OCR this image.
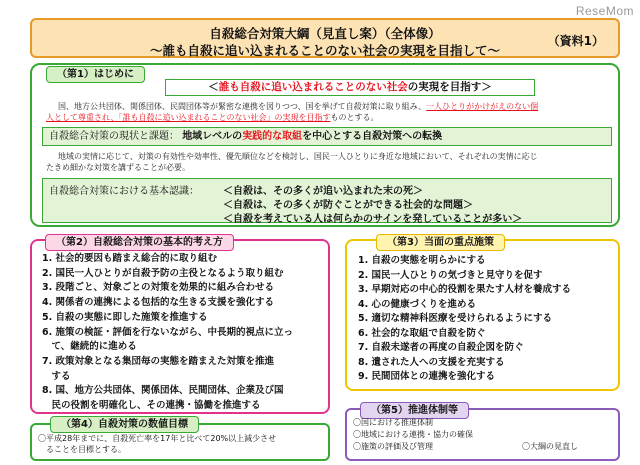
ReseMom
自殺総合対策大綱（見直し案）（全体像）
～誰も自殺に追い込まれることのない社会の実現を目指して～
（資料1）
（第1）はじめに
＜誰も自殺に追い込まれることのない社会の実現を目指す＞
国、地方公共団体、関係団体、民間団体等が緊密な連携を図りつつ、国を挙げて自殺対策に取り組み、一人ひとりがかけがえのない個
人として尊重され、「誰も自殺に追い込まれることのない社会」の実現を目指すものとする。
自殺総合対策の現状と課題： 地域レベルの実践的な取組を中心とする自殺対策への転換
地域の実情に応じて、対策の有効性や効率性、優先順位などを検討し、国民一人ひとりに身近な地域において、それぞれの実情に応じ
たきめ細かな対策を講ずることが必要。
自殺総合対策における基本認識： ＜自殺は、その多くが追い込まれた末の死＞
＜自殺は、その多くが防ぐことができる社会的な問題＞
＜自殺を考えている人は何らかのサインを発していることが多い＞
（第2）自殺総合対策の基本的考え方
1. 社会的要因も踏まえ総合的に取り組む
2. 国民一人ひとりが自殺予防の主役となるよう取り組む
3. 段階ごと、対象ごとの対策を効果的に組み合わせる
4. 関係者の連携による包括的な生きる支援を強化する
5. 自殺の実態に即した施策を推進する
6. 施策の検証・評価を行ないながら、中長期的視点に立っ
　て、継続的に進める
7. 政策対象となる集団毎の実態を踏まえた対策を推進
　する
8. 国、地方公共団体、関係団体、民間団体、企業及び国
　民の役割を明確化し、その連携・協働を推進する
（第3）当面の重点施策
1. 自殺の実態を明らかにする
2. 国民一人ひとりの気づきと見守りを促す
3. 早期対応の中心的役割を果たす人材を養成する
4. 心の健康づくりを進める
5. 適切な精神科医療を受けられるようにする
6. 社会的な取組で自殺を防ぐ
7. 自殺未遂者の再度の自殺企図を防ぐ
8. 遺された人への支援を充実する
9. 民間団体との連携を強化する
（第4）自殺対策の数値目標
〇平成28年までに、自殺死亡率を17年と比べて20%以上減少させ
ることを目標とする。
（第5）推進体制等
〇国における推進体制
〇地域における連携・協力の確保
〇施策の評価及び管理	〇大綱の見直し
